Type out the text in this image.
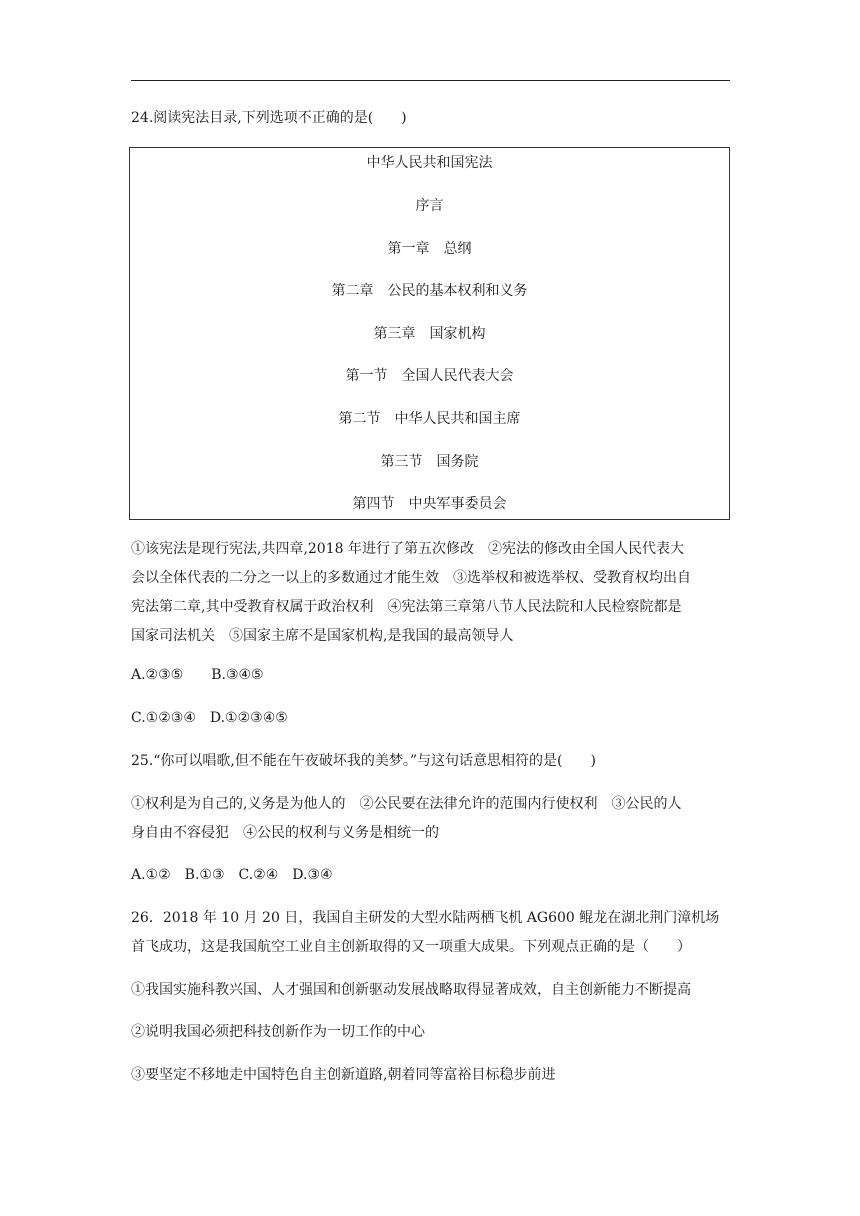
24.阅读宪法目录,下列选项不正确的是(　　)
中华人民共和国宪法
序言
第一章　总纲
第二章　公民的基本权利和义务
第三章　国家机构
第一节　全国人民代表大会
第二节　中华人民共和国主席
第三节　国务院
第四节　中央军事委员会
①该宪法是现行宪法,共四章,2018 年进行了第五次修改　②宪法的修改由全国人民代表大
会以全体代表的二分之一以上的多数通过才能生效　③选举权和被选举权、受教育权均出自
宪法第二章,其中受教育权属于政治权利　④宪法第三章第八节人民法院和人民检察院都是
国家司法机关　⑤国家主席不是国家机构,是我国的最高领导人
A.②③⑤　　B.③④⑤
C.①②③④　D.①②③④⑤
25.“你可以唱歌,但不能在午夜破坏我的美梦。”与这句话意思相符的是(　　)
①权利是为自己的,义务是为他人的　②公民要在法律允许的范围内行使权利　③公民的人
身自由不容侵犯　④公民的权利与义务是相统一的
A.①②　B.①③　C.②④　D.③④
26．2018 年 10 月 20 日，我国自主研发的大型水陆两栖飞机 AG600 鲲龙在湖北荆门漳机场
首飞成功，这是我国航空工业自主创新取得的又一项重大成果。下列观点正确的是（　　）
①我国实施科教兴国、人才强国和创新驱动发展战略取得显著成效，自主创新能力不断提高
②说明我国必须把科技创新作为一切工作的中心
③要坚定不移地走中国特色自主创新道路,朝着同等富裕目标稳步前进
